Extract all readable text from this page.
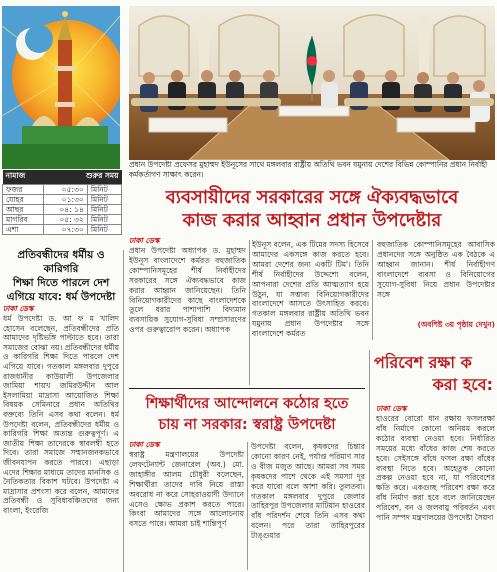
নামাজ	শুরুর সময়	
ফজর	০৫:৩০	মিনিট
যোহর	০১:৩০	মিনিট
আছর	০৪: ১৪	মিনিট
মাগরিব	০৫: ৩২	মিনিট
এশা	০৭:৩০	মিনিট
প্রতিবন্ধীদের ধর্মীয় ও কারিগরি
শিক্ষা দিতে পারলে দেশ
এগিয়ে যাবে: ধর্ম উপদেষ্টা
ঢাকা ডেস্ক
ধর্ম উপদেষ্টা ড. আ ফ ম খালিদ হোসেন বলেছেন, প্রতিবন্ধীদের প্রতি আমাদের দৃষ্টিভঙ্গি পাল্টাতে হবে। তারা সমাজের বোঝা নয়। প্রতিবন্ধীদের ধর্মীয় ও কারিগরি শিক্ষা দিতে পারলে দেশ এগিয়ে যাবে। গতকাল মঙ্গলবার দুপুরে রাজধানীর কাউয়ালী উপজেলার জামিয়া শায়খ জমিরউদ্দীন আল ইসলামিয়া মাদ্রাসা আয়োজিত শিক্ষা বিষয়ক সেমিনারে প্রধান অতিথির বক্তব্যে তিনি এসব কথা বলেন। ধর্ম উপদেষ্টা বলেন, প্রতিবন্ধীদের ধর্মীয় ও কারিগরি শিক্ষা অত্যন্ত গুরুত্বপূর্ণ। এ জাতীয় শিক্ষা তাদেরকে স্বাবলম্বী হতে দিবে। তারা সমাজে সম্মানজনকভাবে জীবনযাপন করতে পারবে। এছাড়া এদের শিক্ষার মাধ্যমে তাদের মানসিক ও নৈতিকতার বিকাশ ঘটবে। উপদেষ্টা এ মাদ্রাসার প্রশংসা করে বলেন, আমাদের প্রতিবন্ধী ও সুবিধাবঞ্চিতদের জন্য বাংলা, ইংরেজি
প্রধান উপদেষ্টা প্রফেসর মুহাম্মদ ইউনূসের সাথে মঙ্গলবার রাষ্ট্রীয় অতিথি ভবন যমুনায় দেশের বিভিন্ন কোম্পানির প্রধান নির্বাহী কর্মকর্তাগণ সাক্ষাৎ করেন।
ব্যবসায়ীদের সরকারের সঙ্গে ঐক্যবদ্ধভাবে
কাজ করার আহ্বান প্রধান উপদেষ্টার
ঢাকা ডেস্ক
প্রধান উপদেষ্টা অধ্যাপক ড. মুহাম্মদ ইউনূস বাংলাদেশে কর্মরত বহুজাতিক কোম্পানিসমূহের শীর্ষ নির্বাহীদের সরকারের সঙ্গে ঐক্যবদ্ধভাবে কাজ করার আহ্বান জানিয়েছেন। তিনি বিনিয়োগকারীদের কাছে বাংলাদেশকে তুলে ধরার পাশাপাশি বিদ্যমান ব্যবসায়িক সুযোগ-সুবিধা সম্প্রসারণের ওপর গুরুত্বারোপ করেন। অধ্যাপক
ইউনূস বলেন, এক টিমের সদস্য হিসেবে আমাদের একসঙ্গে কাজ করতে হবে। আমরা দেশের জন্য একটি টিম'। তিনি শীর্ষ নির্বাহীদের উদ্দেশ্যে বলেন, আপনারা দেশের প্রতি আত্মত্যাগ হয়ে উঠুন, যা সম্ভাব্য বিনিয়োগকারীদের বাংলাদেশে আসতে উৎসাহিত করবে। গতকাল মঙ্গলবার রাষ্ট্রীয় অতিথি ভবন যমুনায় প্রধান উপদেষ্টার সঙ্গে বাংলাদেশে কর্মরত
বহুজাতিক কোম্পানিসমূহের আবাসিক প্রধানদের সঙ্গে অনুষ্ঠিত এক বৈঠকে এ আহ্বান জানান। শীর্ষ নির্বাহীগণ বাংলাদেশে ব্যবসা ও বিনিয়োগের সুযোগ-সুবিধা নিয়ে প্রধান উপদেষ্টার সঙ্গে
(অবশিষ্ট ৩য় পৃষ্ঠায় দেখুন)
শিক্ষার্থীদের আন্দোলনে কঠোর হতে
চায় না সরকার: স্বরাষ্ট্র উপদেষ্টা
ঢাকা ডেস্ক
স্বরাষ্ট্র মন্ত্রণালয়ের উপদেষ্টা লেফটেন্যান্ট জেনারেল (অব.) মো. জাহাঙ্গীর আলম চৌধুরী বলেছেন, শিক্ষার্থীরা তাদের দাবি নিয়ে রাস্তা অবরোধ না করে সোহরাওয়ার্দী উদ্যানে এসেও ক্ষোভ প্রকাশ করতে পারে। কিংবা আমাদের সঙ্গে আলোচনায় বসতে পারে। আমরা চাই শান্তিপূর্ণ
উপদেষ্টা বলেন, কৃষকদের চিন্তার কোনো কারণ নেই, পর্যাপ্ত পরিমাণ সার ও বীজ মজুত আছে। আমরা সব সময় কৃষকদের পাশে থেকে এই সমস্যা দূর করে যাবো বলে আশা করি। তুলতবা। গতকাল মঙ্গলবার দুপুরে জেলার তাহিরপুর উপজেলার মাটিয়ান হাওরের বাঁধ পরিদর্শন শেষে তিনি এসব কথা বলেন। পরে তারা তাহিরপুরের টাঙ্গুয়ার
পরিবেশ রক্ষা ক
করা হবে:
ঢাকা ডেস্ক
হাওরের বোরো ধান রক্ষায় ফসলরক্ষা বাঁধ নির্মাণে কোনো অনিয়ম করলে কঠোর ব্যবস্থা নেওয়া হবে। নির্ধারিত সময়ের মধ্যে বাঁধের কাজ শেষ করতে হবে। সেইসঙ্গে বাঁধে ফসল রক্ষা বাঁধের ব্যবস্থা নিতে হবে। অহেতুক কোনো প্রকল্প নেওয়া হবে না, যা পরিবেশের ক্ষতি করে। একগুচ্ছ পরিবেশ রক্ষা করে বাঁধ নির্মাণ করা হবে বলে জানিয়েছেন পরিবেশ, বন ও জলবায়ু পরিবর্তন এবং পানি সম্পদ মন্ত্রণালয়ের উপদেষ্টা সৈয়দা
